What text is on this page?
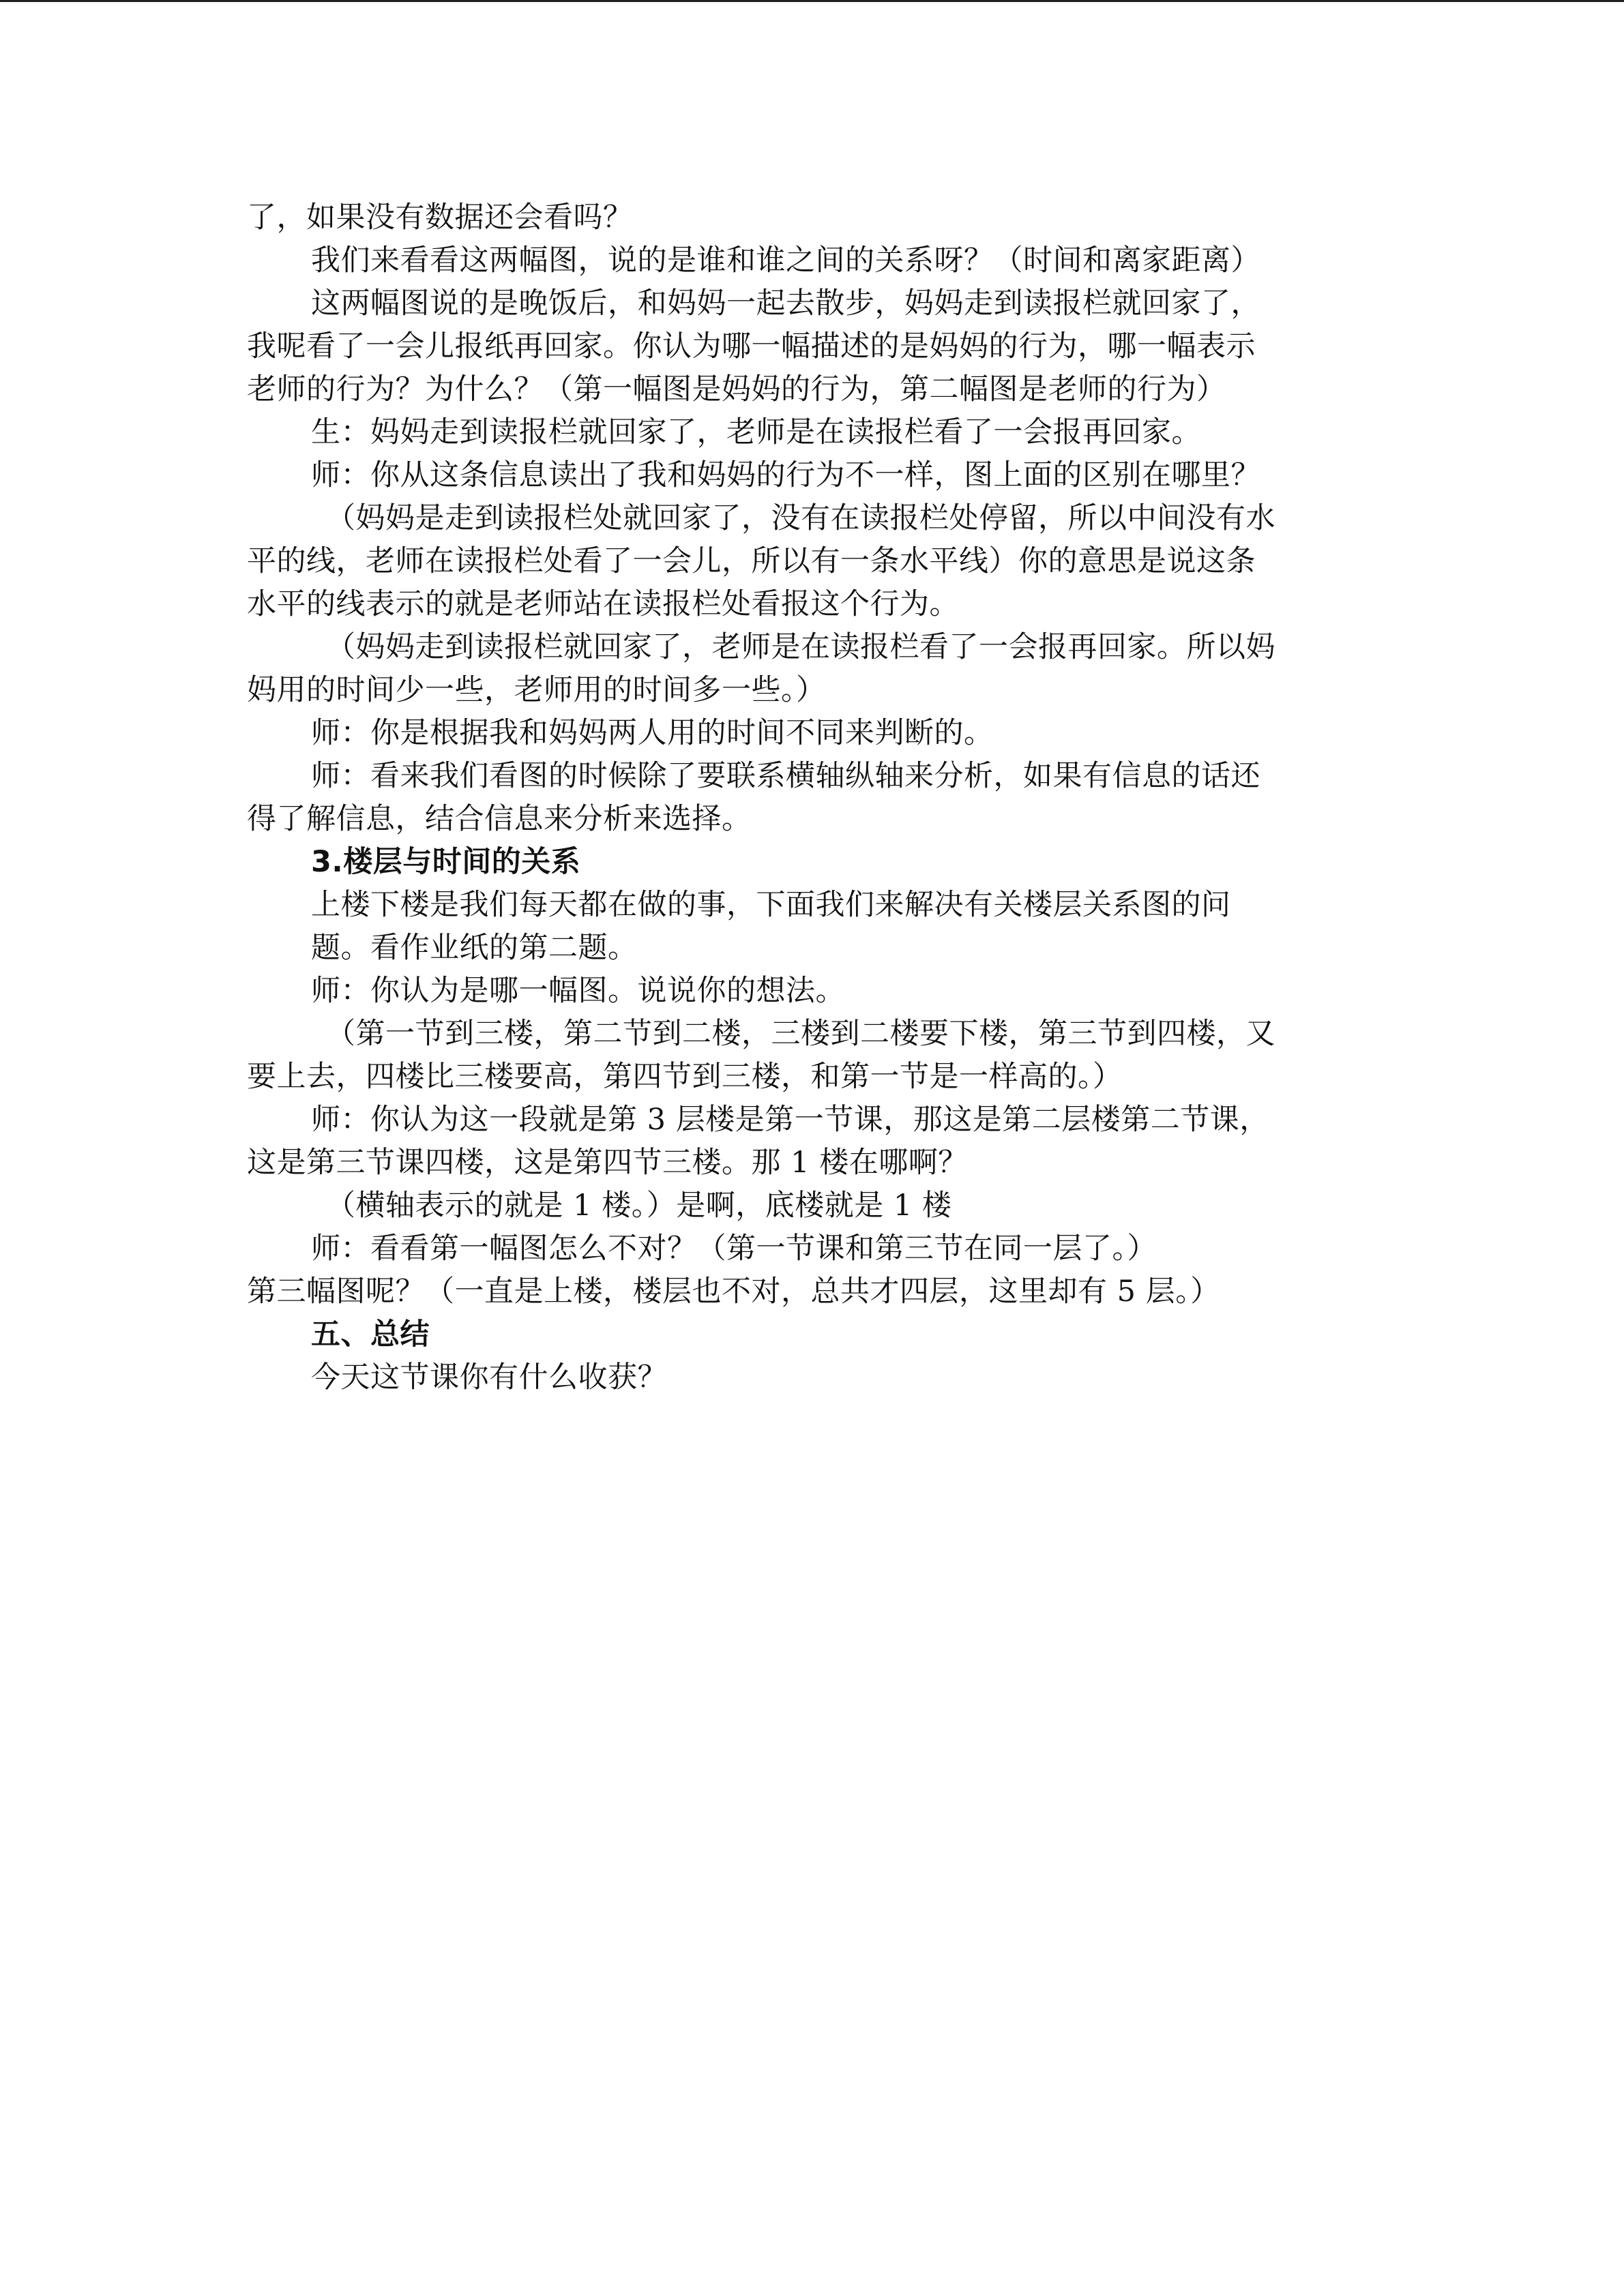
了，如果没有数据还会看吗？
我们来看看这两幅图，说的是谁和谁之间的关系呀？（时间和离家距离）
这两幅图说的是晚饭后，和妈妈一起去散步，妈妈走到读报栏就回家了，
我呢看了一会儿报纸再回家。你认为哪一幅描述的是妈妈的行为，哪一幅表示
老师的行为？为什么？（第一幅图是妈妈的行为，第二幅图是老师的行为）
生：妈妈走到读报栏就回家了，老师是在读报栏看了一会报再回家。
师：你从这条信息读出了我和妈妈的行为不一样，图上面的区别在哪里？
（妈妈是走到读报栏处就回家了，没有在读报栏处停留，所以中间没有水
平的线，老师在读报栏处看了一会儿，所以有一条水平线）你的意思是说这条
水平的线表示的就是老师站在读报栏处看报这个行为。
（妈妈走到读报栏就回家了，老师是在读报栏看了一会报再回家。所以妈
妈用的时间少一些，老师用的时间多一些。）
师：你是根据我和妈妈两人用的时间不同来判断的。
师：看来我们看图的时候除了要联系横轴纵轴来分析，如果有信息的话还
得了解信息，结合信息来分析来选择。
3.楼层与时间的关系
上楼下楼是我们每天都在做的事，下面我们来解决有关楼层关系图的问
题。看作业纸的第二题。
师：你认为是哪一幅图。说说你的想法。
（第一节到三楼，第二节到二楼，三楼到二楼要下楼，第三节到四楼，又
要上去，四楼比三楼要高，第四节到三楼，和第一节是一样高的。）
师：你认为这一段就是第 3 层楼是第一节课，那这是第二层楼第二节课，
这是第三节课四楼，这是第四节三楼。那 1 楼在哪啊？
（横轴表示的就是 1 楼。）是啊，底楼就是 1 楼
师：看看第一幅图怎么不对？（第一节课和第三节在同一层了。）
第三幅图呢？（一直是上楼，楼层也不对，总共才四层，这里却有 5 层。）
五、总结
今天这节课你有什么收获？
